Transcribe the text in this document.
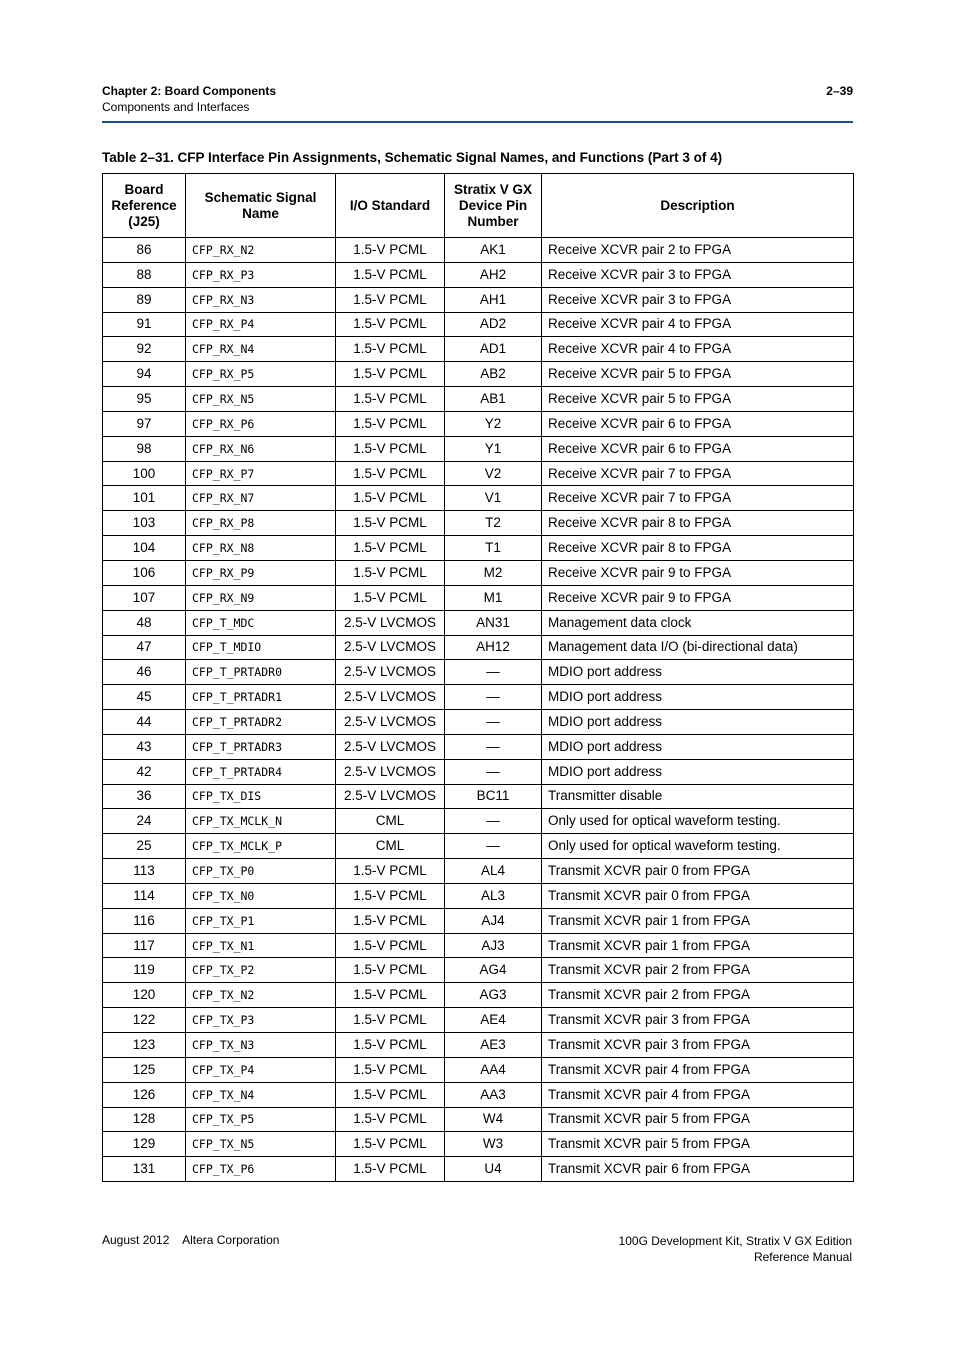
Chapter 2: Board Components
Components and Interfaces
2–39
Table 2–31. CFP Interface Pin Assignments, Schematic Signal Names, and Functions (Part 3 of 4)
Board Reference (J25)	Schematic Signal Name	I/O Standard	Stratix V GX Device Pin Number	Description
86	CFP_RX_N2	1.5-V PCML	AK1	Receive XCVR pair 2 to FPGA
88	CFP_RX_P3	1.5-V PCML	AH2	Receive XCVR pair 3 to FPGA
89	CFP_RX_N3	1.5-V PCML	AH1	Receive XCVR pair 3 to FPGA
91	CFP_RX_P4	1.5-V PCML	AD2	Receive XCVR pair 4 to FPGA
92	CFP_RX_N4	1.5-V PCML	AD1	Receive XCVR pair 4 to FPGA
94	CFP_RX_P5	1.5-V PCML	AB2	Receive XCVR pair 5 to FPGA
95	CFP_RX_N5	1.5-V PCML	AB1	Receive XCVR pair 5 to FPGA
97	CFP_RX_P6	1.5-V PCML	Y2	Receive XCVR pair 6 to FPGA
98	CFP_RX_N6	1.5-V PCML	Y1	Receive XCVR pair 6 to FPGA
100	CFP_RX_P7	1.5-V PCML	V2	Receive XCVR pair 7 to FPGA
101	CFP_RX_N7	1.5-V PCML	V1	Receive XCVR pair 7 to FPGA
103	CFP_RX_P8	1.5-V PCML	T2	Receive XCVR pair 8 to FPGA
104	CFP_RX_N8	1.5-V PCML	T1	Receive XCVR pair 8 to FPGA
106	CFP_RX_P9	1.5-V PCML	M2	Receive XCVR pair 9 to FPGA
107	CFP_RX_N9	1.5-V PCML	M1	Receive XCVR pair 9 to FPGA
48	CFP_T_MDC	2.5-V LVCMOS	AN31	Management data clock
47	CFP_T_MDIO	2.5-V LVCMOS	AH12	Management data I/O (bi-directional data)
46	CFP_T_PRTADR0	2.5-V LVCMOS	—	MDIO port address
45	CFP_T_PRTADR1	2.5-V LVCMOS	—	MDIO port address
44	CFP_T_PRTADR2	2.5-V LVCMOS	—	MDIO port address
43	CFP_T_PRTADR3	2.5-V LVCMOS	—	MDIO port address
42	CFP_T_PRTADR4	2.5-V LVCMOS	—	MDIO port address
36	CFP_TX_DIS	2.5-V LVCMOS	BC11	Transmitter disable
24	CFP_TX_MCLK_N	CML	—	Only used for optical waveform testing.
25	CFP_TX_MCLK_P	CML	—	Only used for optical waveform testing.
113	CFP_TX_P0	1.5-V PCML	AL4	Transmit XCVR pair 0 from FPGA
114	CFP_TX_N0	1.5-V PCML	AL3	Transmit XCVR pair 0 from FPGA
116	CFP_TX_P1	1.5-V PCML	AJ4	Transmit XCVR pair 1 from FPGA
117	CFP_TX_N1	1.5-V PCML	AJ3	Transmit XCVR pair 1 from FPGA
119	CFP_TX_P2	1.5-V PCML	AG4	Transmit XCVR pair 2 from FPGA
120	CFP_TX_N2	1.5-V PCML	AG3	Transmit XCVR pair 2 from FPGA
122	CFP_TX_P3	1.5-V PCML	AE4	Transmit XCVR pair 3 from FPGA
123	CFP_TX_N3	1.5-V PCML	AE3	Transmit XCVR pair 3 from FPGA
125	CFP_TX_P4	1.5-V PCML	AA4	Transmit XCVR pair 4 from FPGA
126	CFP_TX_N4	1.5-V PCML	AA3	Transmit XCVR pair 4 from FPGA
128	CFP_TX_P5	1.5-V PCML	W4	Transmit XCVR pair 5 from FPGA
129	CFP_TX_N5	1.5-V PCML	W3	Transmit XCVR pair 5 from FPGA
131	CFP_TX_P6	1.5-V PCML	U4	Transmit XCVR pair 6 from FPGA
August 2012    Altera Corporation	100G Development Kit, Stratix V GX Edition
Reference Manual
